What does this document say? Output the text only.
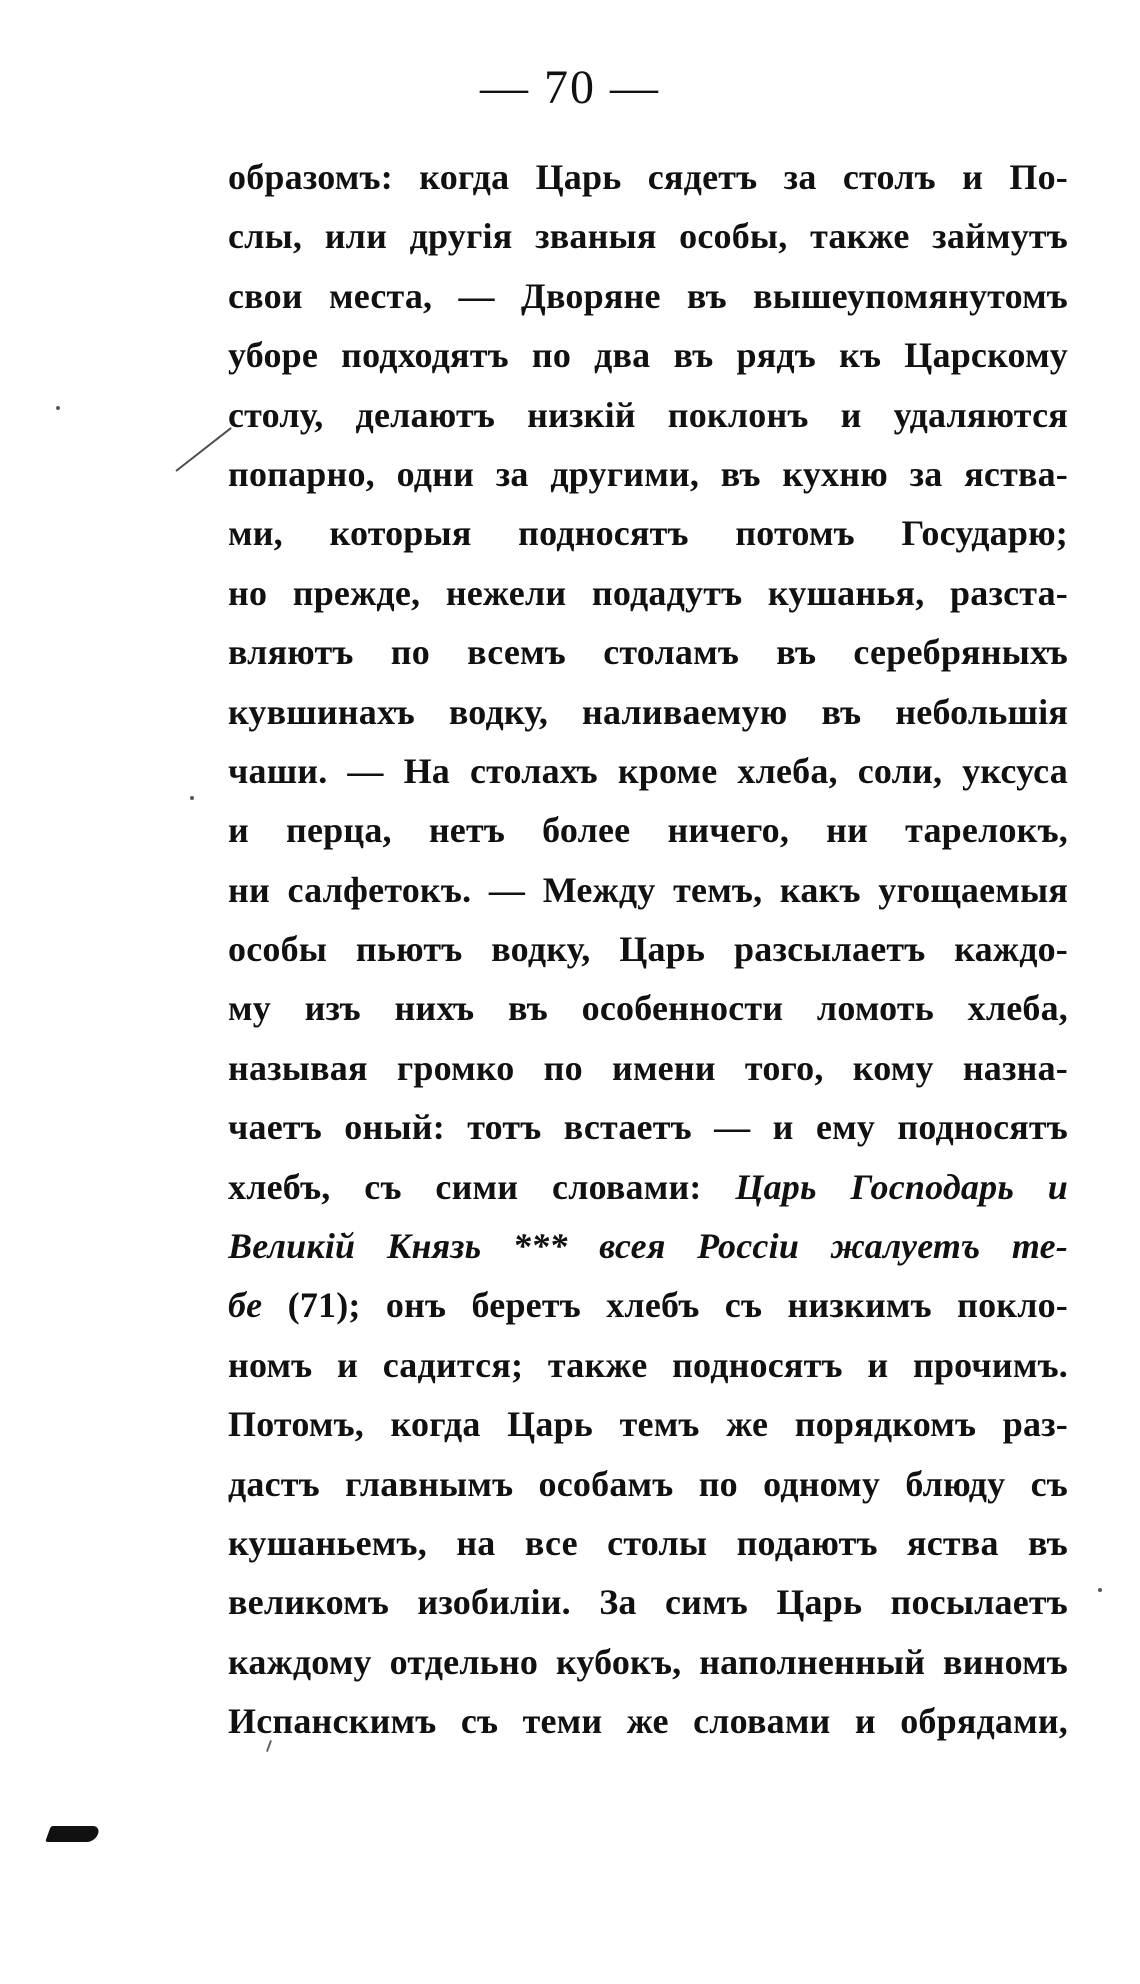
— 70 —
образомъ: когда Царь сядетъ за столъ и По-
слы, или другія званыя особы, также займутъ
свои места, — Дворяне въ вышеупомянутомъ
уборе подходятъ по два въ рядъ къ Царскому
столу, делаютъ низкій поклонъ и удаляются
попарно, одни за другими, въ кухню за яства-
ми, которыя подносятъ потомъ Государю;
но прежде, нежели подадутъ кушанья, разста-
вляютъ по всемъ столамъ въ серебряныхъ
кувшинахъ водку, наливаемую въ небольшія
чаши. — На столахъ кроме хлеба, соли, уксуса
и перца, нетъ более ничего, ни тарелокъ,
ни салфетокъ. — Между темъ, какъ угощаемыя
особы пьютъ водку, Царь разсылаетъ каждо-
му изъ нихъ въ особенности ломоть хлеба,
называя громко по имени того, кому назна-
чаетъ оный: тотъ встаетъ — и ему подносятъ
хлебъ, съ сими словами: Царь Господарь и
Великій Князь *** всея Россіи жалуетъ те-
бе (71); онъ беретъ хлебъ съ низкимъ покло-
номъ и садится; также подносятъ и прочимъ.
Потомъ, когда Царь темъ же порядкомъ раз-
дастъ главнымъ особамъ по одному блюду съ
кушаньемъ, на все столы подаютъ яства въ
великомъ изобиліи. За симъ Царь посылаетъ
каждому отдельно кубокъ, наполненный виномъ
Испанскимъ съ теми же словами и обрядами,
